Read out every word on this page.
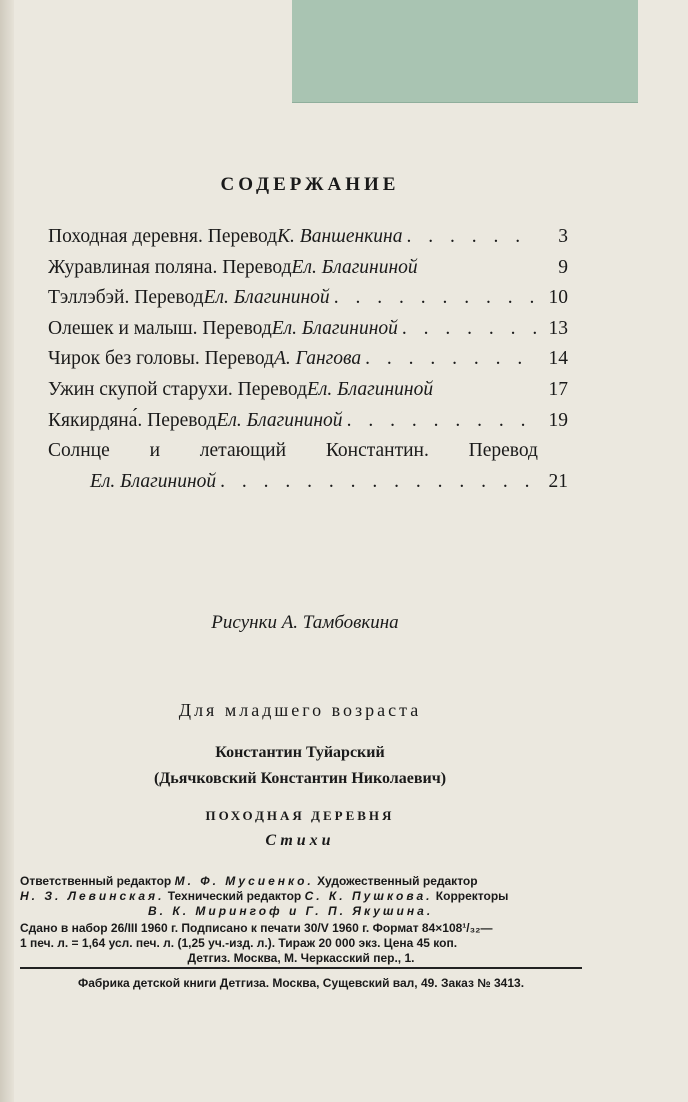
СОДЕРЖАНИЕ
Походная деревня. Перевод К. Ваншенкина . . .	3
Журавлиная поляна. Перевод Ел. Благининой	9
Тэллэбэй. Перевод Ел. Благининой . . .	10
Олешек и малыш. Перевод Ел. Благининой . . .	13
Чирок без головы. Перевод А. Гангова . . .	14
Ужин скупой старухи. Перевод Ел. Благининой	17
Кякирдяна́. Перевод Ел. Благининой . . .	19
Солнце и летающий Константин. Перевод
Ел. Благининой . . .	21
Рисунки А. Тамбовкина
Для младшего возраста
Константин Туйарский
(Дьячковский Константин Николаевич)
ПОХОДНАЯ ДЕРЕВНЯ
Стихи
Ответственный редактор М. Ф. Мусиенко. Художественный редактор
Н. З. Левинская. Технический редактор С. К. Пушкова. Корректоры
В. К. Мирингоф и Г. П. Якушина.
Сдано в набор 26/III 1960 г. Подписано к печати 30/V 1960 г. Формат 84×108¹/₃₂—
1 печ. л. = 1,64 усл. печ. л. (1,25 уч.-изд. л.). Тираж 20 000 экз. Цена 45 коп.
Детгиз. Москва, М. Черкасский пер., 1.
Фабрика детской книги Детгиза. Москва, Сущевский вал, 49. Заказ № 3413.
